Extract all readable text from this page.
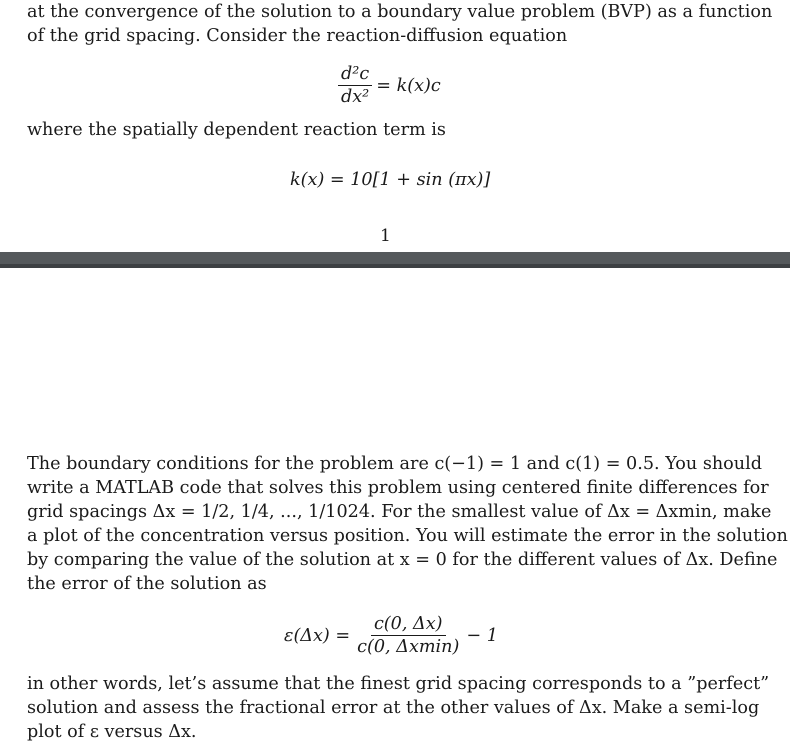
at the convergence of the solution to a boundary value problem (BVP) as a function
of the grid spacing. Consider the reaction-diffusion equation

$\frac{\text{d²c}}{\text{dx²}} = k(x)c$

where the spatially dependent reaction term is

k(x) = 10[1 + sin (πx)]
1

The boundary conditions for the problem are c(−1) = 1 and c(1) = 0.5. You should
write a MATLAB code that solves this problem using centered finite differences for
grid spacings Δx = 1/2, 1/4, ..., 1/1024. For the smallest value of Δx = Δxmin, make
a plot of the concentration versus position. You will estimate the error in the solution
by comparing the value of the solution at x = 0 for the different values of Δx. Define
the error of the solution as

$\varepsilon(\Delta x) = \frac{c(0, \Delta x)}{c(0, \Delta xmin)} - 1$

in other words, let’s assume that the finest grid spacing corresponds to a ”perfect”
solution and assess the fractional error at the other values of Δx. Make a semi-log
plot of ε versus Δx.
